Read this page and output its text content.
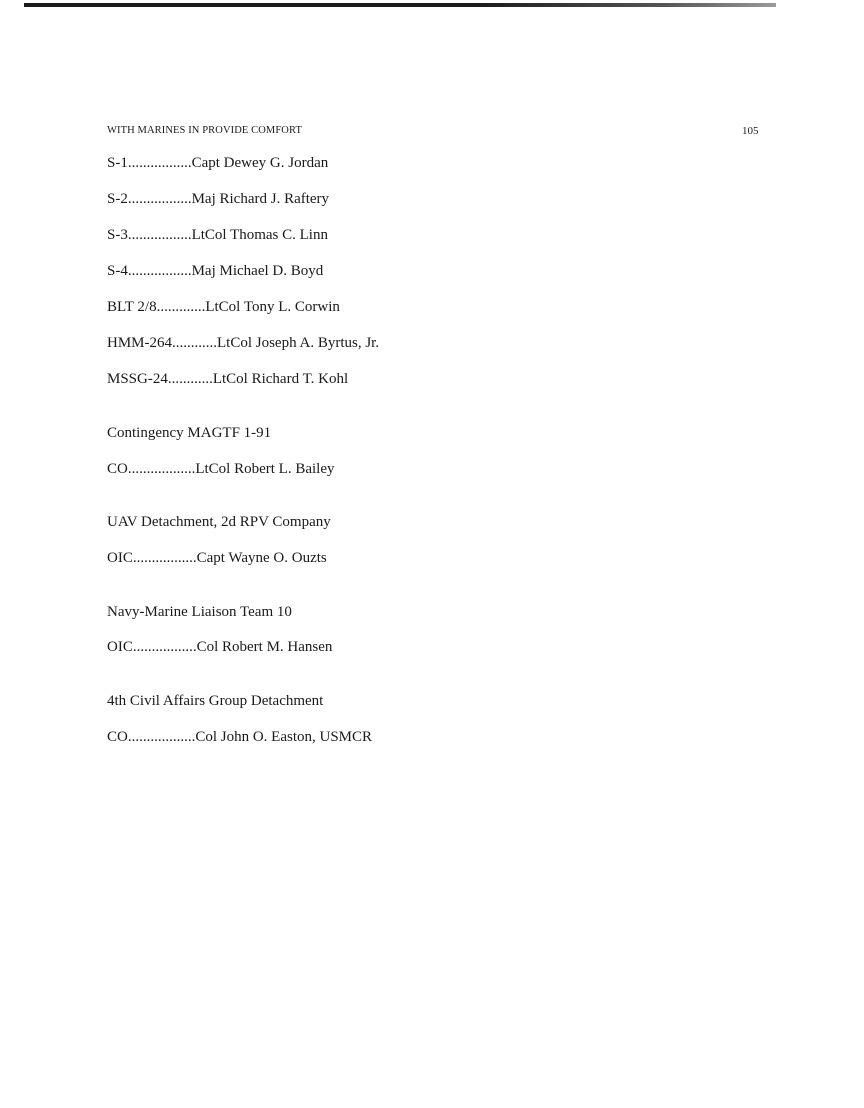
WITH MARINES IN PROVIDE COMFORT	105
S-1.................Capt Dewey G. Jordan
S-2.................Maj Richard J. Raftery
S-3.................LtCol Thomas C. Linn
S-4.................Maj Michael D. Boyd
BLT 2/8.............LtCol Tony L. Corwin
HMM-264............LtCol Joseph A. Byrtus, Jr.
MSSG-24............LtCol Richard T. Kohl
Contingency MAGTF 1-91
CO..................LtCol Robert L. Bailey
UAV Detachment, 2d RPV Company
OIC.................Capt Wayne O. Ouzts
Navy-Marine Liaison Team 10
OIC.................Col Robert M. Hansen
4th Civil Affairs Group Detachment
CO..................Col John O. Easton, USMCR
